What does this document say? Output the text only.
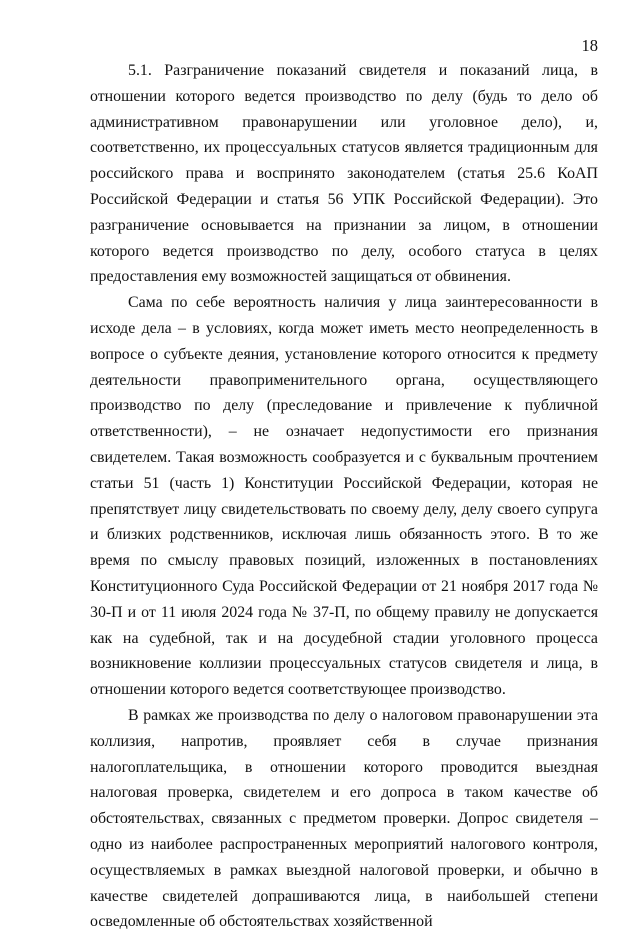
18

5.1. Разграничение показаний свидетеля и показаний лица, в отношении которого ведется производство по делу (будь то дело об административном правонарушении или уголовное дело), и, соответственно, их процессуальных статусов является традиционным для российского права и воспринято законодателем (статья 25.6 КоАП Российской Федерации и статья 56 УПК Российской Федерации). Это разграничение основывается на признании за лицом, в отношении которого ведется производство по делу, особого статуса в целях предоставления ему возможностей защищаться от обвинения.

Сама по себе вероятность наличия у лица заинтересованности в исходе дела – в условиях, когда может иметь место неопределенность в вопросе о субъекте деяния, установление которого относится к предмету деятельности правоприменительного органа, осуществляющего производство по делу (преследование и привлечение к публичной ответственности), – не означает недопустимости его признания свидетелем. Такая возможность сообразуется и с буквальным прочтением статьи 51 (часть 1) Конституции Российской Федерации, которая не препятствует лицу свидетельствовать по своему делу, делу своего супруга и близких родственников, исключая лишь обязанность этого. В то же время по смыслу правовых позиций, изложенных в постановлениях Конституционного Суда Российской Федерации от 21 ноября 2017 года № 30-П и от 11 июля 2024 года № 37-П, по общему правилу не допускается как на судебной, так и на досудебной стадии уголовного процесса возникновение коллизии процессуальных статусов свидетеля и лица, в отношении которого ведется соответствующее производство.

В рамках же производства по делу о налоговом правонарушении эта коллизия, напротив, проявляет себя в случае признания налогоплательщика, в отношении которого проводится выездная налоговая проверка, свидетелем и его допроса в таком качестве об обстоятельствах, связанных с предметом проверки. Допрос свидетеля – одно из наиболее распространенных мероприятий налогового контроля, осуществляемых в рамках выездной налоговой проверки, и обычно в качестве свидетелей допрашиваются лица, в наибольшей степени осведомленные об обстоятельствах хозяйственной
